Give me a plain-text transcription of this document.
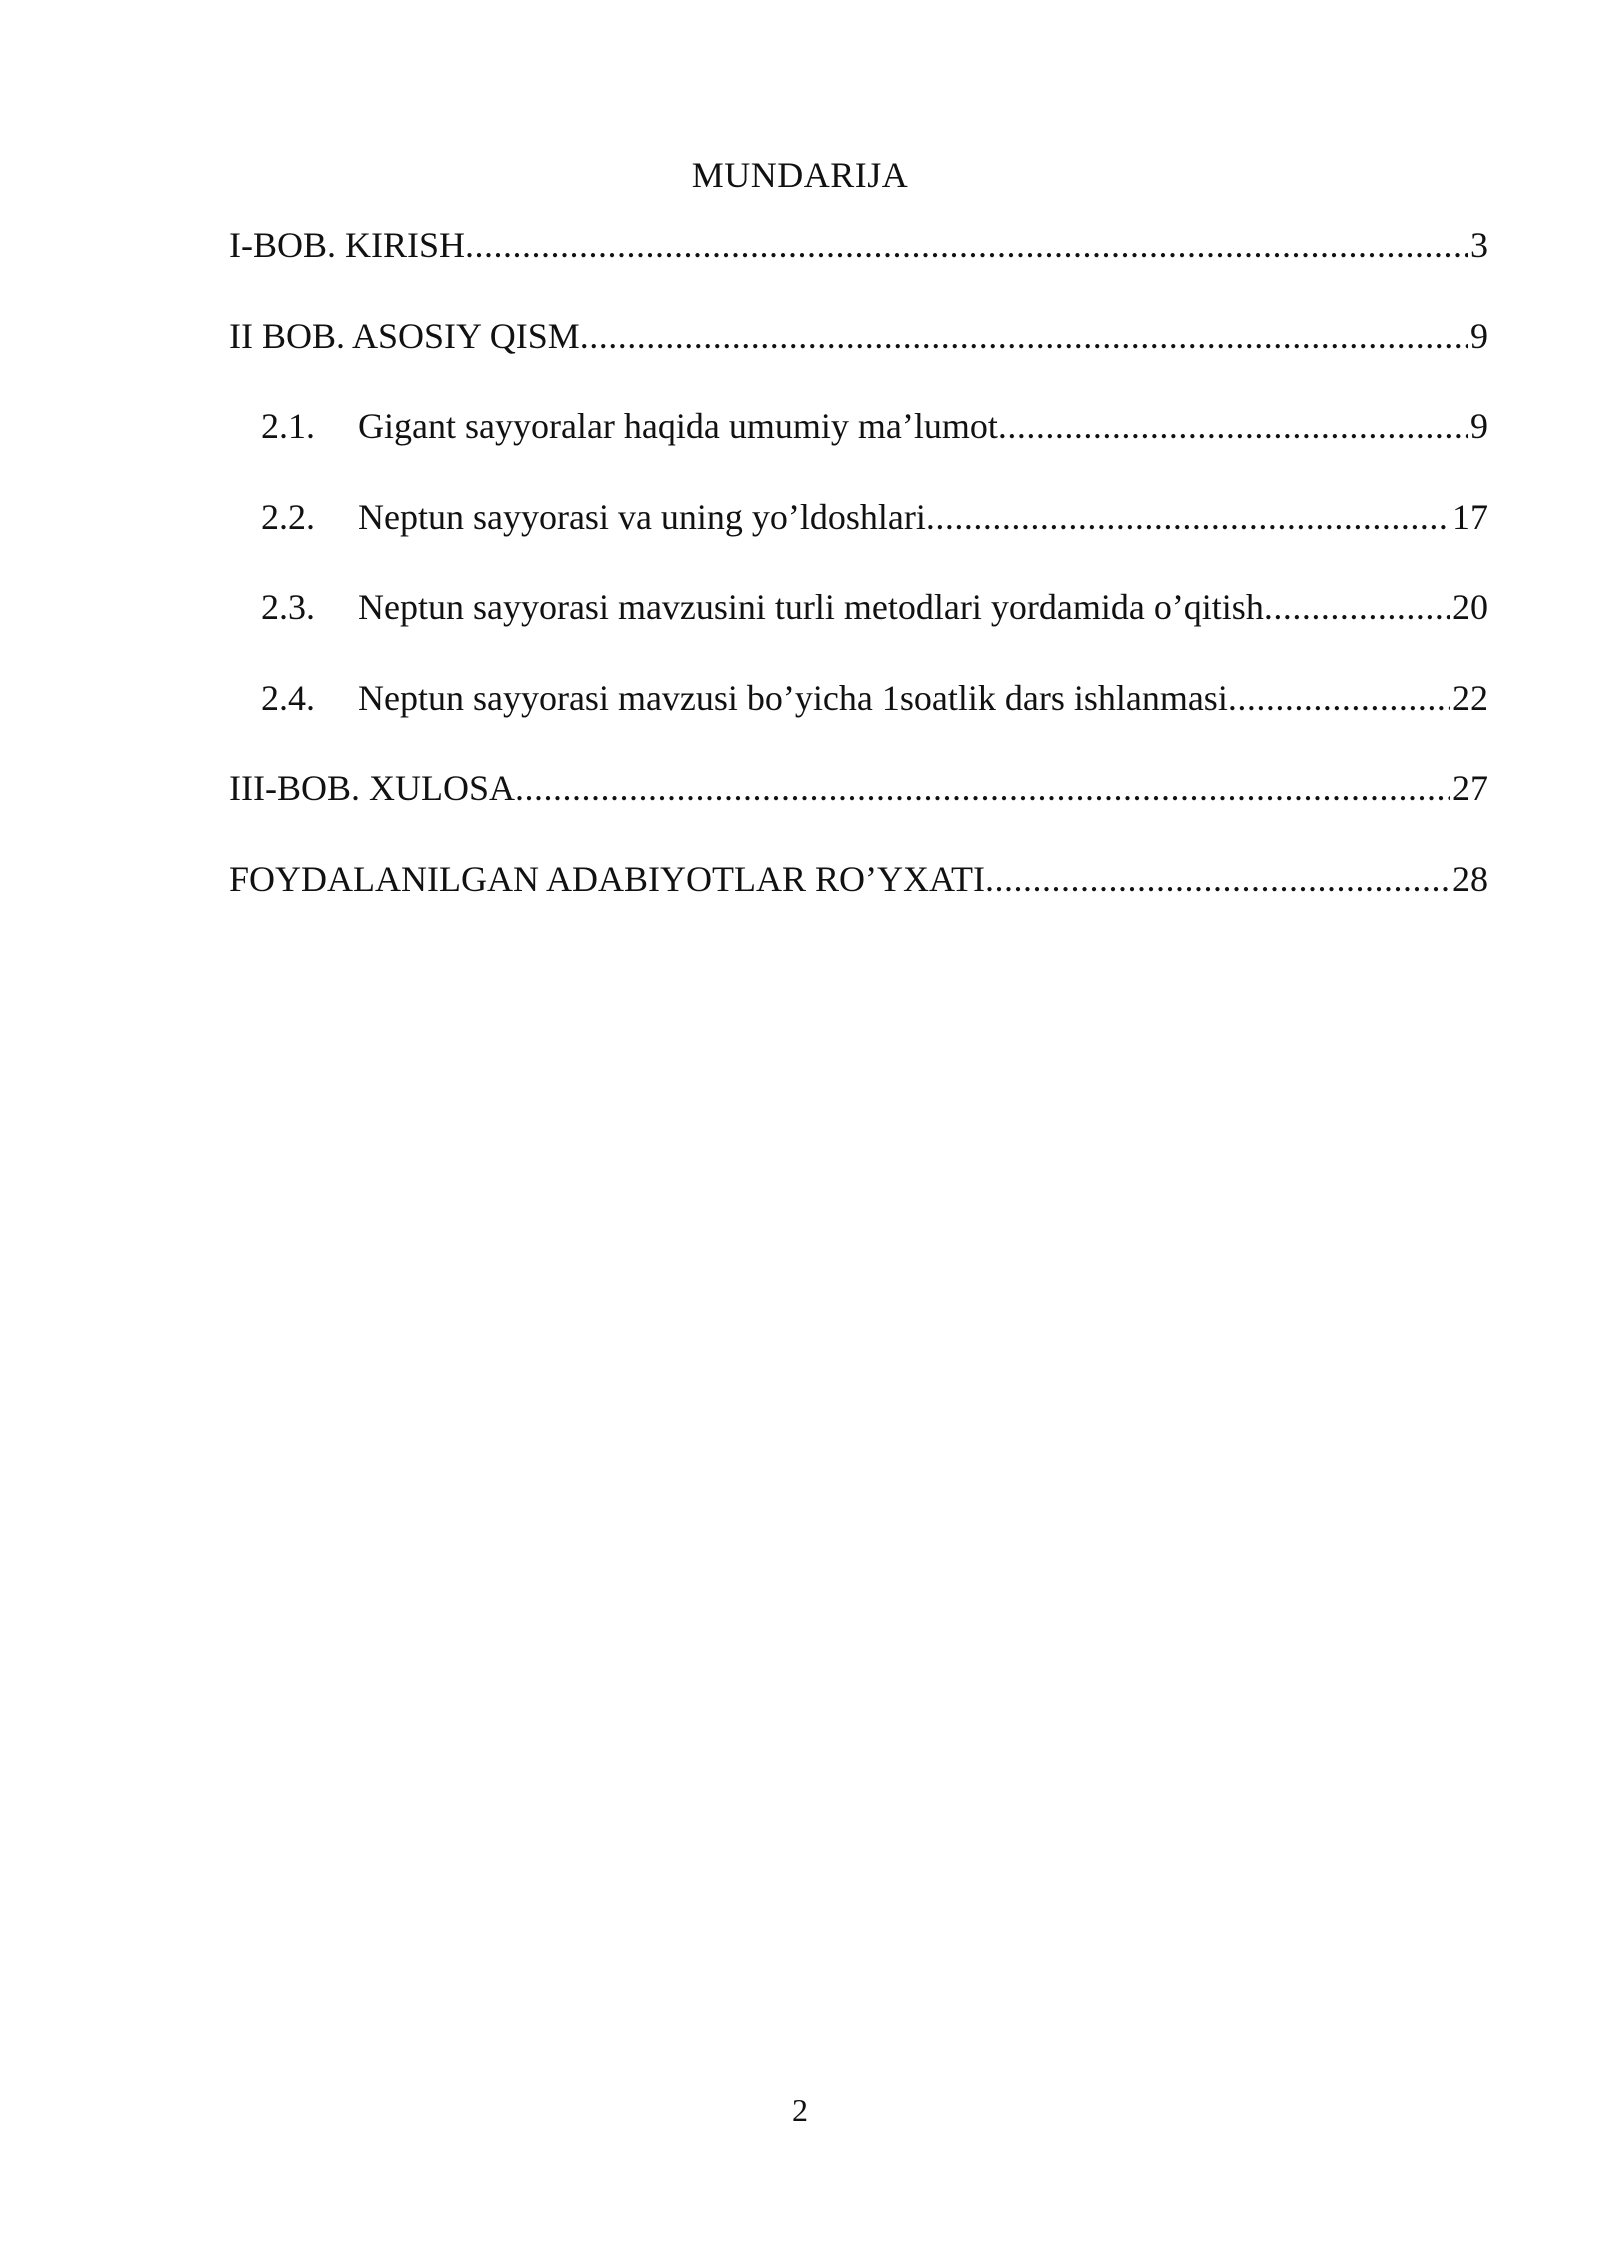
MUNDARIJA
I-BOB. KIRISH .....	3
II BOB. ASOSIY QISM .....	9
2.1.	Gigant sayyoralar haqida umumiy ma’lumot .....	9
2.2.	Neptun sayyorasi va uning yo’ldoshlari .....	17
2.3.	Neptun sayyorasi mavzusini turli metodlari yordamida o’qitish .....	20
2.4.	Neptun sayyorasi mavzusi bo’yicha 1soatlik dars ishlanmasi .....	22
III-BOB. XULOSA .....	27
FOYDALANILGAN ADABIYOTLAR RO’YXATI .....	28
2
